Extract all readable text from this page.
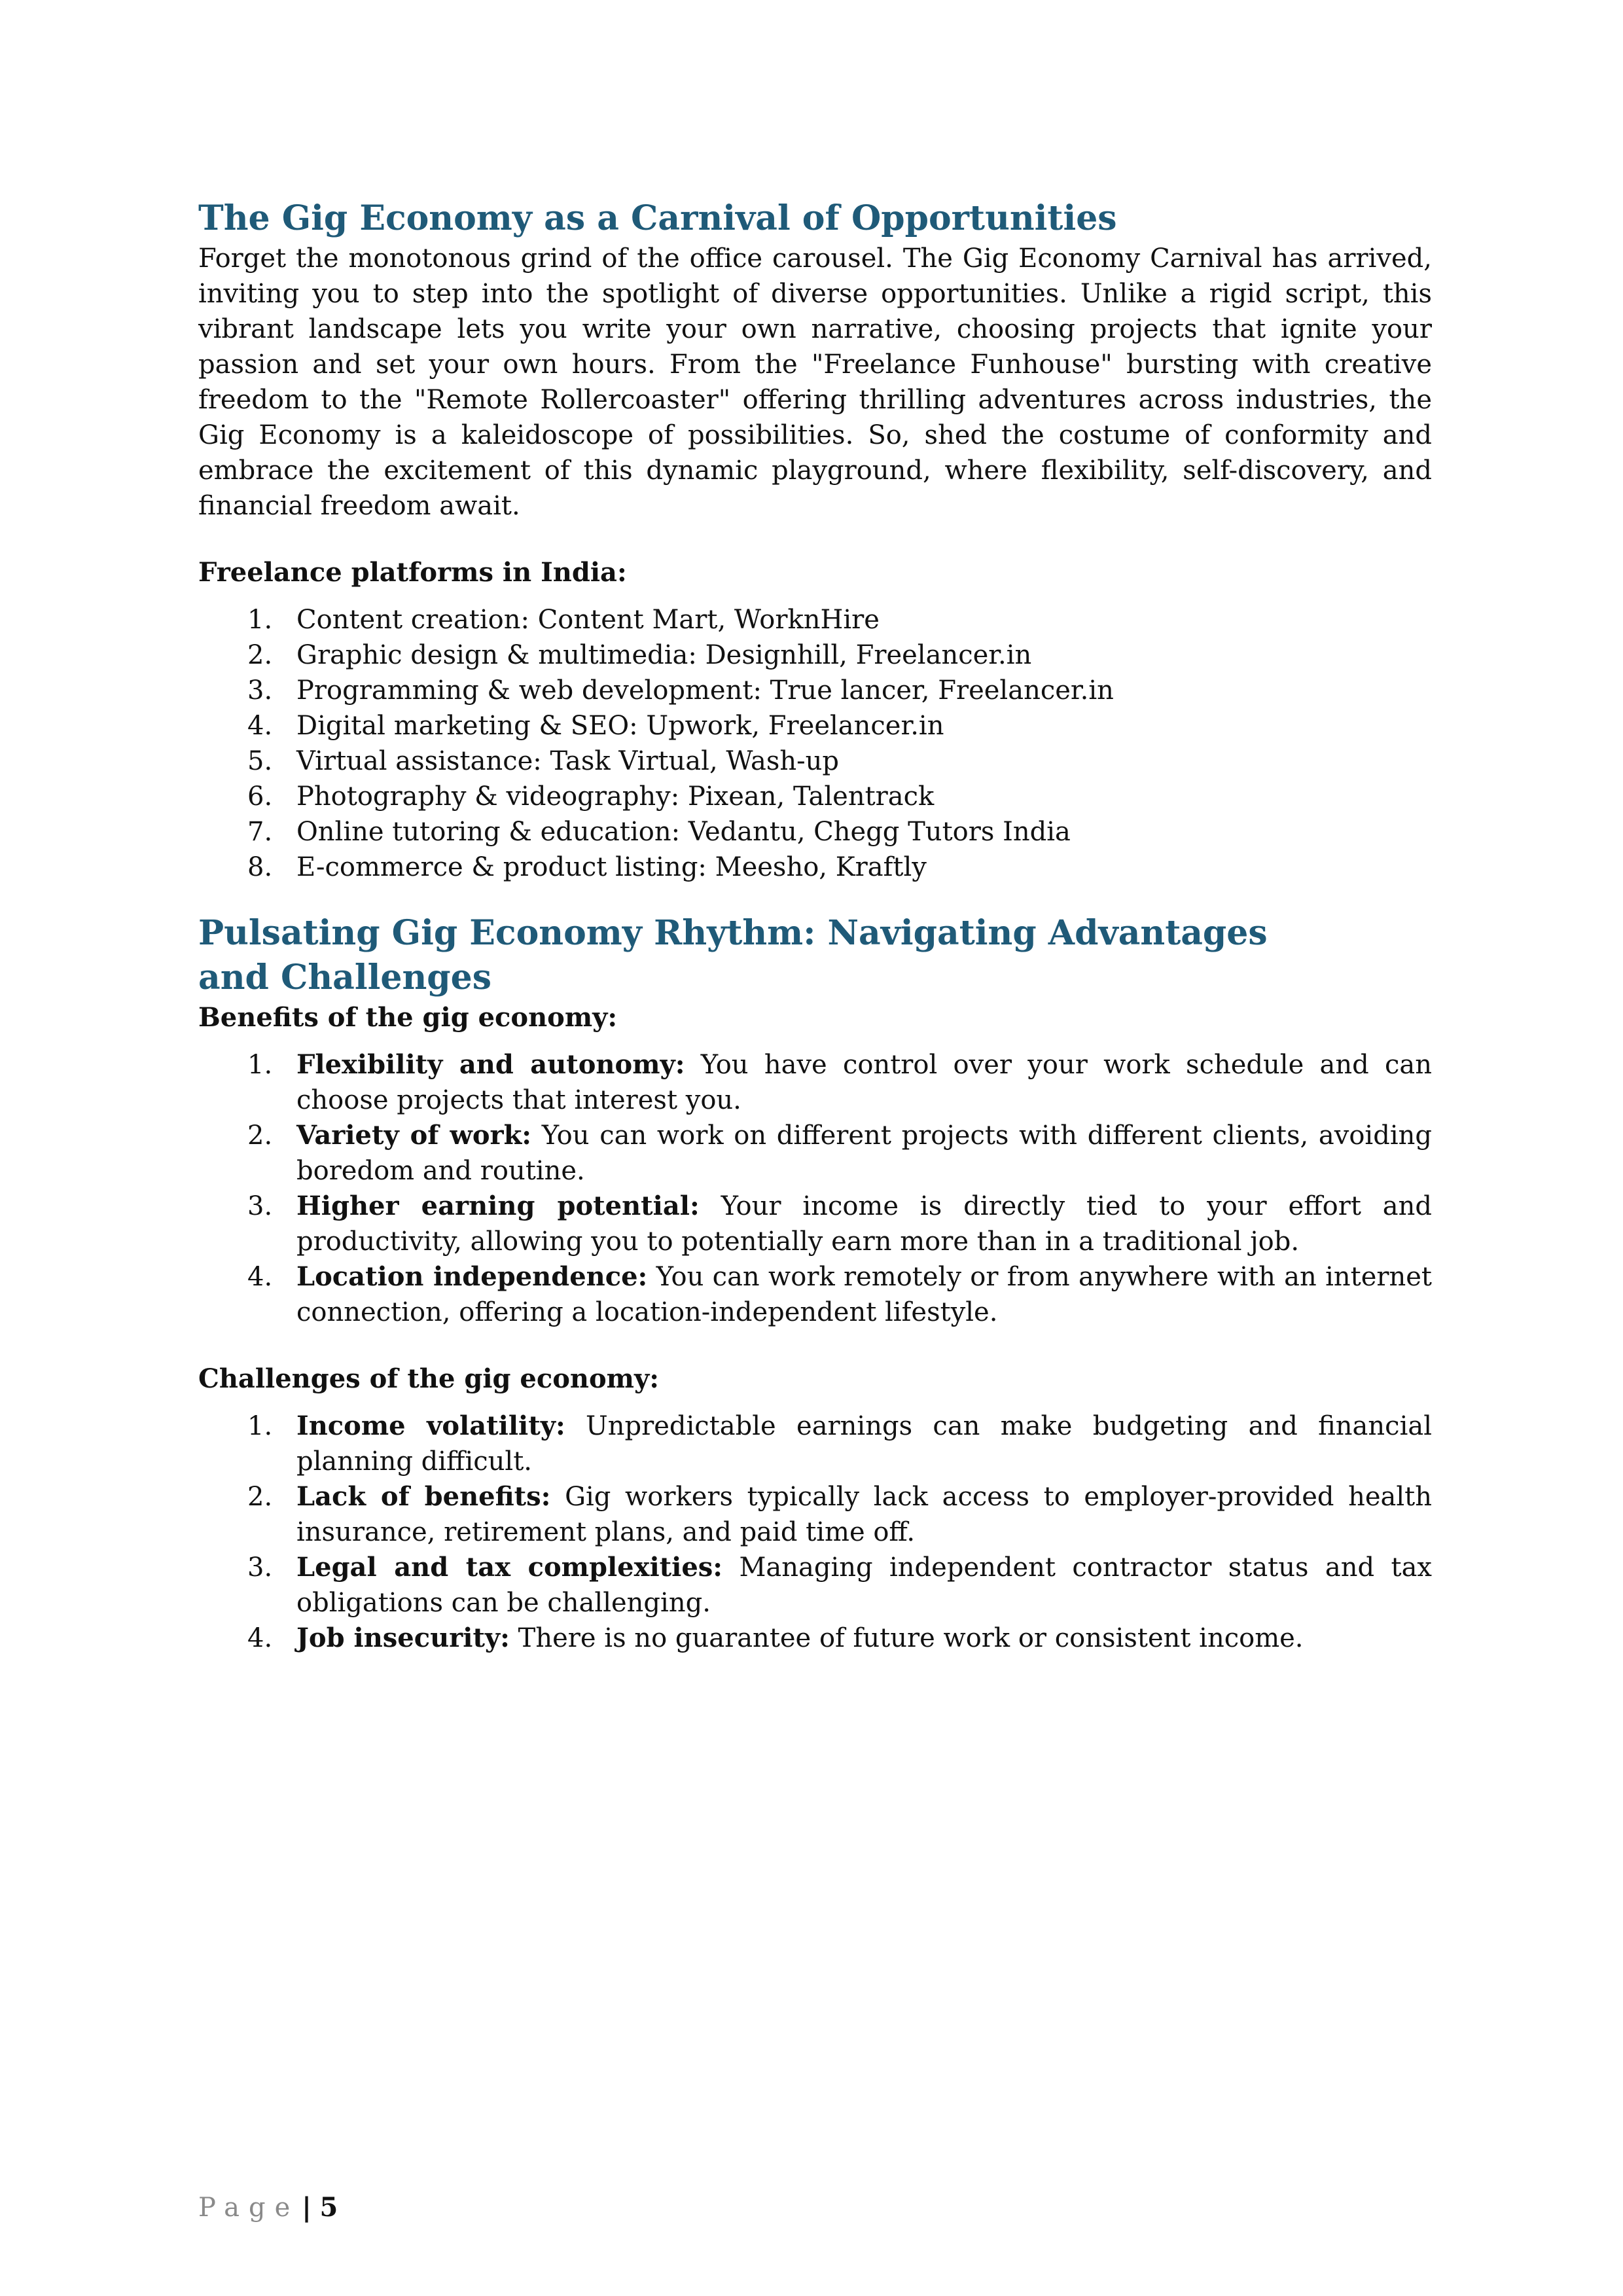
The Gig Economy as a Carnival of Opportunities

Forget the monotonous grind of the office carousel. The Gig Economy Carnival has arrived, inviting you to step into the spotlight of diverse opportunities. Unlike a rigid script, this vibrant landscape lets you write your own narrative, choosing projects that ignite your passion and set your own hours. From the "Freelance Funhouse" bursting with creative freedom to the "Remote Rollercoaster" offering thrilling adventures across industries, the Gig Economy is a kaleidoscope of possibilities. So, shed the costume of conformity and embrace the excitement of this dynamic playground, where flexibility, self-discovery, and financial freedom await.

Freelance platforms in India:

1. Content creation: Content Mart, WorknHire
2. Graphic design & multimedia: Designhill, Freelancer.in
3. Programming & web development: True lancer, Freelancer.in
4. Digital marketing & SEO: Upwork, Freelancer.in
5. Virtual assistance: Task Virtual, Wash-up
6. Photography & videography: Pixean, Talentrack
7. Online tutoring & education: Vedantu, Chegg Tutors India
8. E-commerce & product listing: Meesho, Kraftly
Pulsating Gig Economy Rhythm: Navigating Advantages and Challenges

Benefits of the gig economy:

1. Flexibility and autonomy: You have control over your work schedule and can choose projects that interest you.
2. Variety of work: You can work on different projects with different clients, avoiding boredom and routine.
3. Higher earning potential: Your income is directly tied to your effort and productivity, allowing you to potentially earn more than in a traditional job.
4. Location independence: You can work remotely or from anywhere with an internet connection, offering a location-independent lifestyle.

Challenges of the gig economy:

1. Income volatility: Unpredictable earnings can make budgeting and financial planning difficult.
2. Lack of benefits: Gig workers typically lack access to employer-provided health insurance, retirement plans, and paid time off.
3. Legal and tax complexities: Managing independent contractor status and tax obligations can be challenging.
4. Job insecurity: There is no guarantee of future work or consistent income.
Page | 5
